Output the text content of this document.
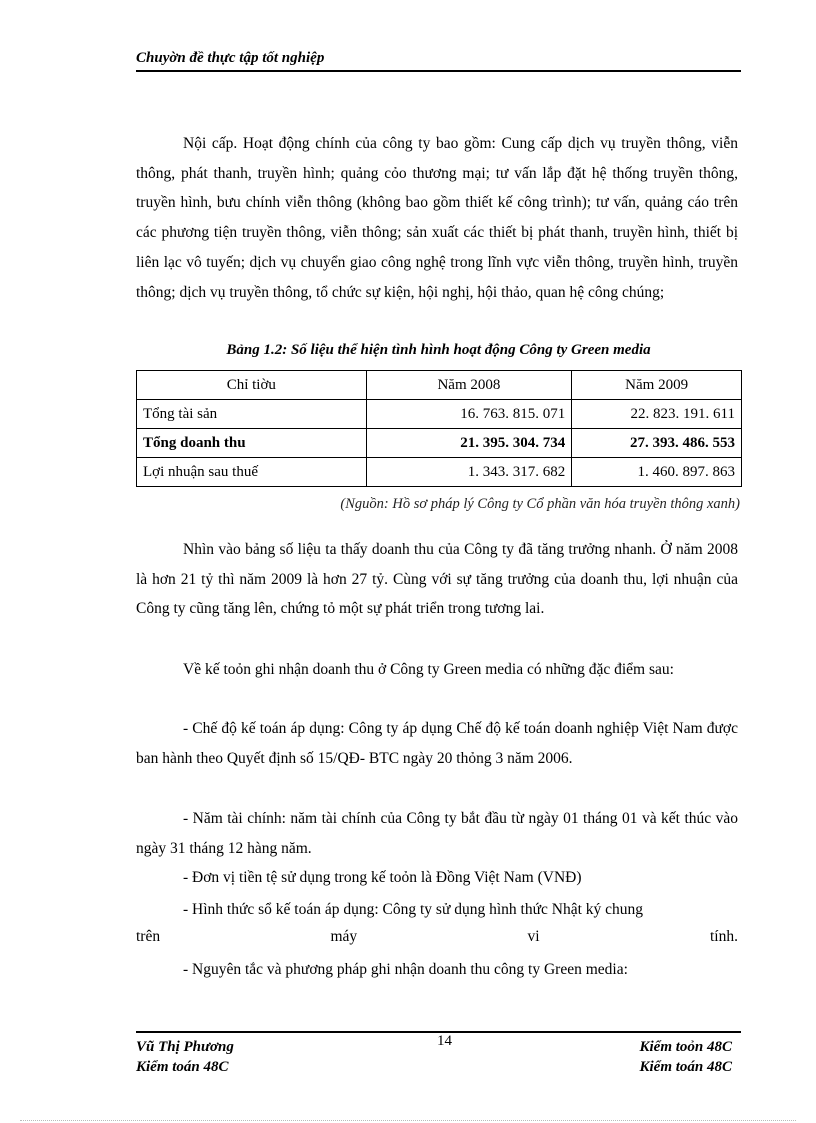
Chuyờn đề thực tập tốt nghiệp

Nội cấp. Hoạt động chính của công ty bao gồm: Cung cấp dịch vụ truyền thông, viễn thông, phát thanh, truyền hình; quảng cỏo thương mại; tư vấn lắp đặt hệ thống truyền thông, truyền hình, bưu chính viễn thông (không bao gồm thiết kế công trình); tư vấn, quảng cáo trên các phương tiện truyền thông, viễn thông; sản xuất các thiết bị phát thanh, truyền hình, thiết bị liên lạc vô tuyến; dịch vụ chuyển giao công nghệ trong lĩnh vực viễn thông, truyền hình, truyền thông; dịch vụ truyền thông, tổ chức sự kiện, hội nghị, hội thảo, quan hệ công chúng;

Bảng 1.2: Số liệu thể hiện tình hình hoạt động Công ty Green media
Chỉ tiờu	Năm 2008	Năm 2009
Tổng tài sản	16. 763. 815. 071	22. 823. 191. 611
Tổng doanh thu	21. 395. 304. 734	27. 393. 486. 553
Lợi nhuận sau thuế	1. 343. 317. 682	1. 460. 897. 863
(Nguồn: Hồ sơ pháp lý Công ty Cổ phần văn hóa truyền thông xanh)

Nhìn vào bảng số liệu ta thấy doanh thu của Công ty đã tăng trưởng nhanh. Ở năm 2008 là hơn 21 tỷ thì năm 2009 là hơn 27 tỷ. Cùng với sự tăng trưởng của doanh thu, lợi nhuận của Công ty cũng tăng lên, chứng tỏ một sự phát triển trong tương lai.

Về kế toỏn ghi nhận doanh thu ở Công ty Green media có những đặc điểm sau:

- Chế độ kế toán áp dụng: Công ty áp dụng Chế độ kế toán doanh nghiệp Việt Nam được ban hành theo Quyết định số 15/QĐ- BTC ngày 20 thỏng 3 năm 2006.

- Năm tài chính: năm tài chính của Công ty bắt đầu từ ngày 01 tháng 01 và kết thúc vào ngày 31 tháng 12 hàng năm.

- Đơn vị tiền tệ sử dụng trong kế toỏn là Đồng Việt Nam (VNĐ)

- Hình thức sổ kế toán áp dụng: Công ty sử dụng hình thức Nhật ký chung

trên	máy	vi	tính.

- Nguyên tắc và phương pháp ghi nhận doanh thu công ty Green media:

Vũ Thị Phương
Kiểm toán 48C
14	Kiểm toỏn 48C
Kiểm toán 48C
